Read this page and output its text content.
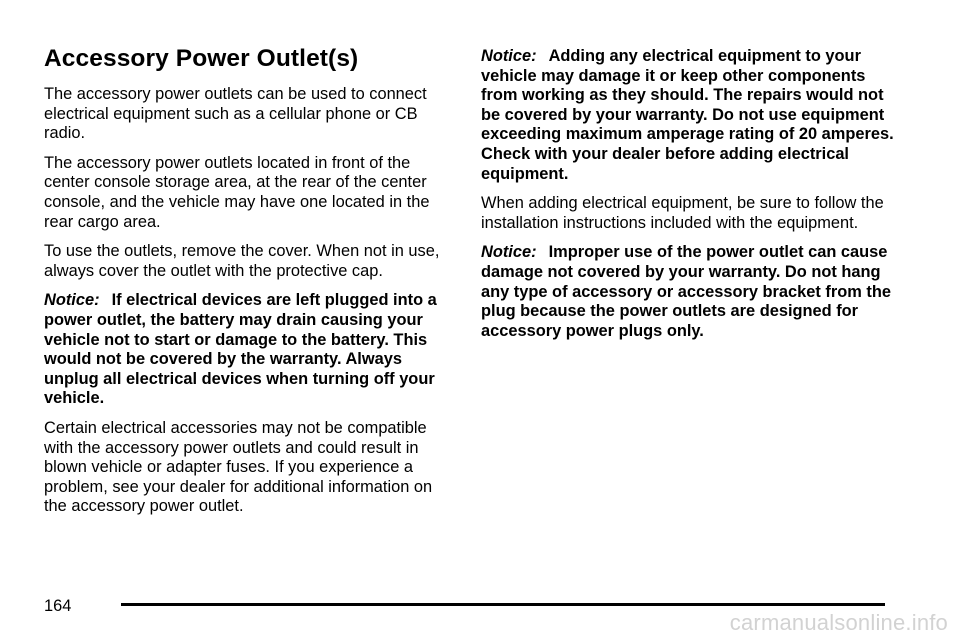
Accessory Power Outlet(s)

The accessory power outlets can be used to connect electrical equipment such as a cellular phone or CB radio.

The accessory power outlets located in front of the center console storage area, at the rear of the center console, and the vehicle may have one located in the rear cargo area.

To use the outlets, remove the cover. When not in use, always cover the outlet with the protective cap.

Notice: If electrical devices are left plugged into a power outlet, the battery may drain causing your vehicle not to start or damage to the battery. This would not be covered by the warranty. Always unplug all electrical devices when turning off your vehicle.

Certain electrical accessories may not be compatible with the accessory power outlets and could result in blown vehicle or adapter fuses. If you experience a problem, see your dealer for additional information on the accessory power outlet.

Notice: Adding any electrical equipment to your vehicle may damage it or keep other components from working as they should. The repairs would not be covered by your warranty. Do not use equipment exceeding maximum amperage rating of 20 amperes. Check with your dealer before adding electrical equipment.

When adding electrical equipment, be sure to follow the installation instructions included with the equipment.

Notice: Improper use of the power outlet can cause damage not covered by your warranty. Do not hang any type of accessory or accessory bracket from the plug because the power outlets are designed for accessory power plugs only.

164
carmanualsonline.info
